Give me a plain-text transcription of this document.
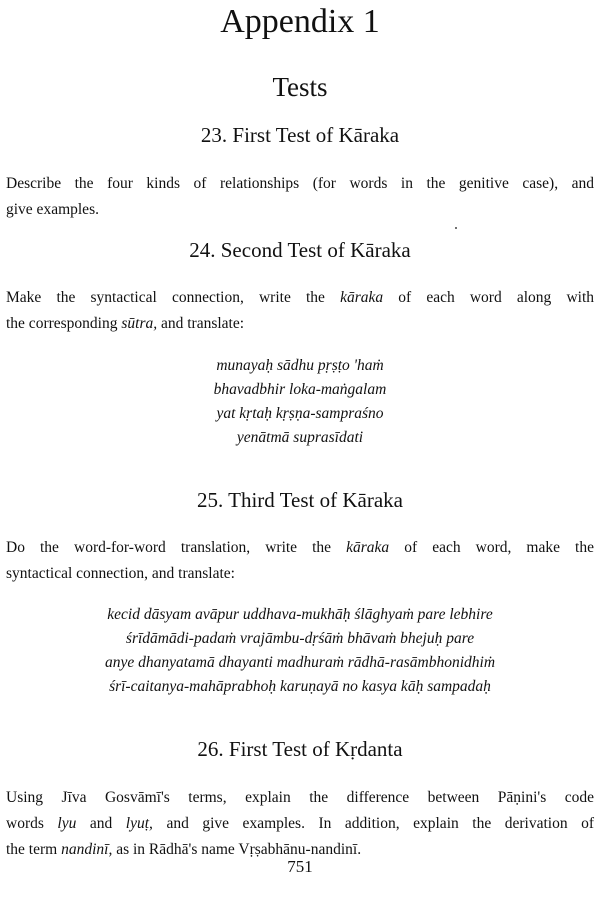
Appendix 1
Tests
23. First Test of Kāraka
Describe the four kinds of relationships (for words in the genitive case), and
give examples.
24. Second Test of Kāraka
Make the syntactical connection, write the kāraka of each word along with
the corresponding sūtra, and translate:
munayaḥ sādhu pṛṣṭo 'haṁ
bhavadbhir loka-maṅgalam
yat kṛtaḥ kṛṣṇa-sampraśno
yenātmā suprasīdati
25. Third Test of Kāraka
Do the word-for-word translation, write the kāraka of each word, make the
syntactical connection, and translate:
kecid dāsyam avāpur uddhava-mukhāḥ ślāghyaṁ pare lebhire
śrīdāmādi-padaṁ vrajāmbu-dṛśāṁ bhāvaṁ bhejuḥ pare
anye dhanyatamā dhayanti madhuraṁ rādhā-rasāmbhonidhiṁ
śrī-caitanya-mahāprabhoḥ karuṇayā no kasya kāḥ sampadaḥ
26. First Test of Kṛdanta
Using Jīva Gosvāmī's terms, explain the difference between Pāṇini's code
words lyu and lyuṭ, and give examples. In addition, explain the derivation of
the term nandinī, as in Rādhā's name Vṛṣabhānu-nandinī.
751
